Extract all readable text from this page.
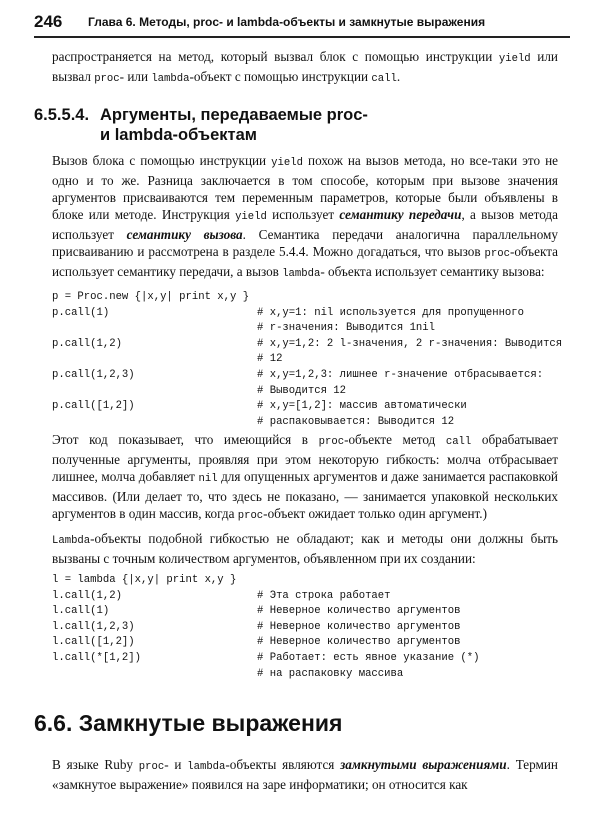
246 Глава 6. Методы, proc- и lambda-объекты и замкнутые выражения

распространяется на метод, который вызвал блок с помощью инструкции yield или вызвал proc- или lambda-объект с помощью инструкции call.

6.5.5.4. Аргументы, передаваемые proc-
и lambda-объектам

Вызов блока с помощью инструкции yield похож на вызов метода, но все-таки это не одно и то же. Разница заключается в том способе, которым при вызове значения аргументов присваиваются тем переменным параметров, которые были объявлены в блоке или методе. Инструкция yield использует семантику передачи, а вызов метода использует семантику вызова. Семантика передачи аналогична параллельному присваиванию и рассмотрена в разделе 5.4.4. Можно догадаться, что вызов proc-объекта использует семантику передачи, а вызов lambda- объекта использует семантику вызова:

p = Proc.new {|x,y| print x,y }
p.call(1)	# x,y=1: nil используется для пропущенного
# r-значения: Выводится 1nil
p.call(1,2)	# x,y=1,2: 2 l-значения, 2 r-значения: Выводится
# 12
p.call(1,2,3)	# x,y=1,2,3: лишнее r-значение отбрасывается:
# Выводится 12
p.call([1,2])	# x,y=[1,2]: массив автоматически
# распаковывается: Выводится 12

Этот код показывает, что имеющийся в proc-объекте метод call обрабатывает полученные аргументы, проявляя при этом некоторую гибкость: молча отбрасывает лишнее, молча добавляет nil для опущенных аргументов и даже занимается распаковкой массивов. (Или делает то, что здесь не показано, — занимается упаковкой нескольких аргументов в один массив, когда proc-объект ожидает только один аргумент.)

Lambda-объекты подобной гибкостью не обладают; как и методы они должны быть вызваны с точным количеством аргументов, объявленном при их создании:

l = lambda {|x,y| print x,y }
l.call(1,2)	# Эта строка работает
l.call(1)	# Неверное количество аргументов
l.call(1,2,3)	# Неверное количество аргументов
l.call([1,2])	# Неверное количество аргументов
l.call(*[1,2])	# Работает: есть явное указание (*)
# на распаковку массива
6.6. Замкнутые выражения

В языке Ruby proc- и lambda-объекты являются замкнутыми выражениями. Термин «замкнутое выражение» появился на заре информатики; он относится как
